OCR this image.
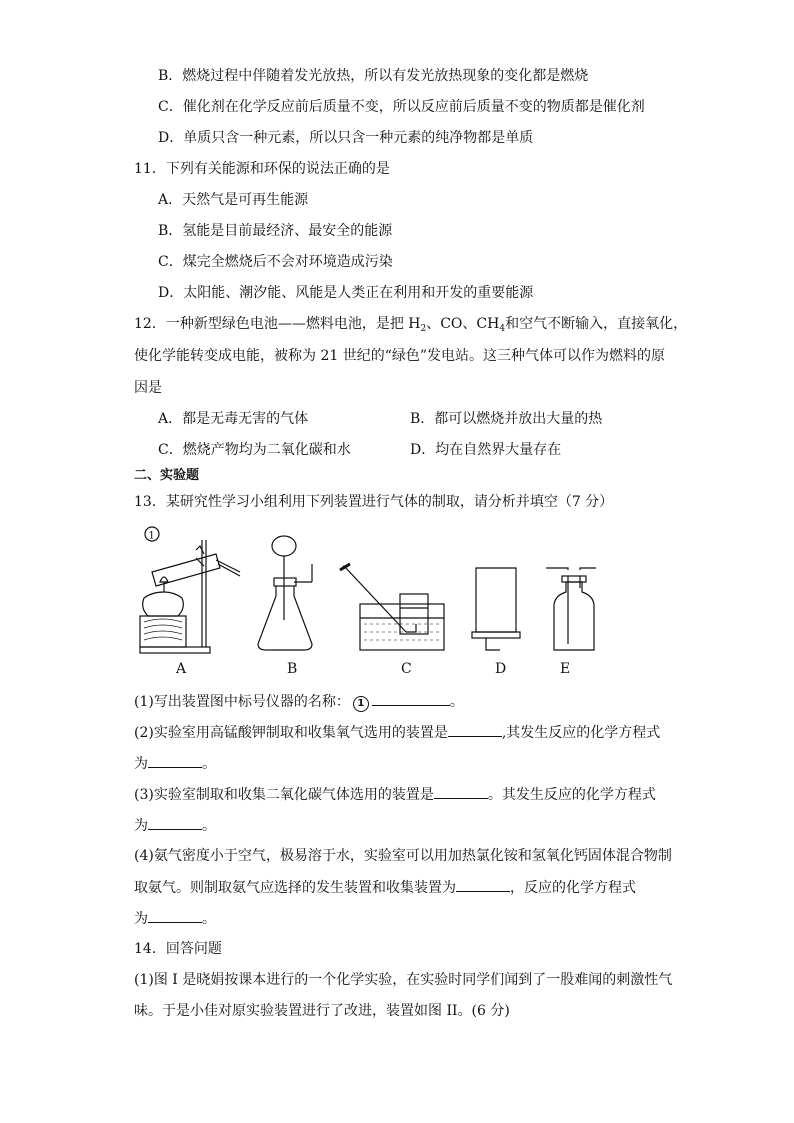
B．燃烧过程中伴随着发光放热，所以有发光放热现象的变化都是燃烧
C．催化剂在化学反应前后质量不变，所以反应前后质量不变的物质都是催化剂
D．单质只含一种元素，所以只含一种元素的纯净物都是单质
11．下列有关能源和环保的说法正确的是
A．天然气是可再生能源
B．氢能是目前最经济、最安全的能源
C．煤完全燃烧后不会对环境造成污染
D．太阳能、潮汐能、风能是人类正在利用和开发的重要能源
12．一种新型绿色电池——燃料电池，是把 $H_2$、CO、$CH_4$和空气不断输入，直接氧化，
使化学能转变成电能，被称为 21 世纪的“绿色”发电站。这三种气体可以作为燃料的原
因是
A．都是无毒无害的气体	B．都可以燃烧并放出大量的热
C．燃烧产物均为二氧化碳和水	D．均在自然界大量存在
二、实验题
13．某研究性学习小组利用下列装置进行气体的制取，请分析并填空（7 分）
1
A	B	C	D	E
(1)写出装置图中标号仪器的名称： 1	。
(2)实验室用高锰酸钾制取和收集氧气选用的装置是	,其发生反应的化学方程式
为	。
(3)实验室制取和收集二氧化碳气体选用的装置是	。其发生反应的化学方程式
为	。
(4)氨气密度小于空气，极易溶于水，实验室可以用加热氯化铵和氢氧化钙固体混合物制
取氨气。则制取氨气应选择的发生装置和收集装置为	，反应的化学方程式
为	。
14．回答问题
(1)图 I 是晓娟按课本进行的一个化学实验，在实验时同学们闻到了一股难闻的刺激性气
味。于是小佳对原实验装置进行了改进，装置如图 II。(6 分)
